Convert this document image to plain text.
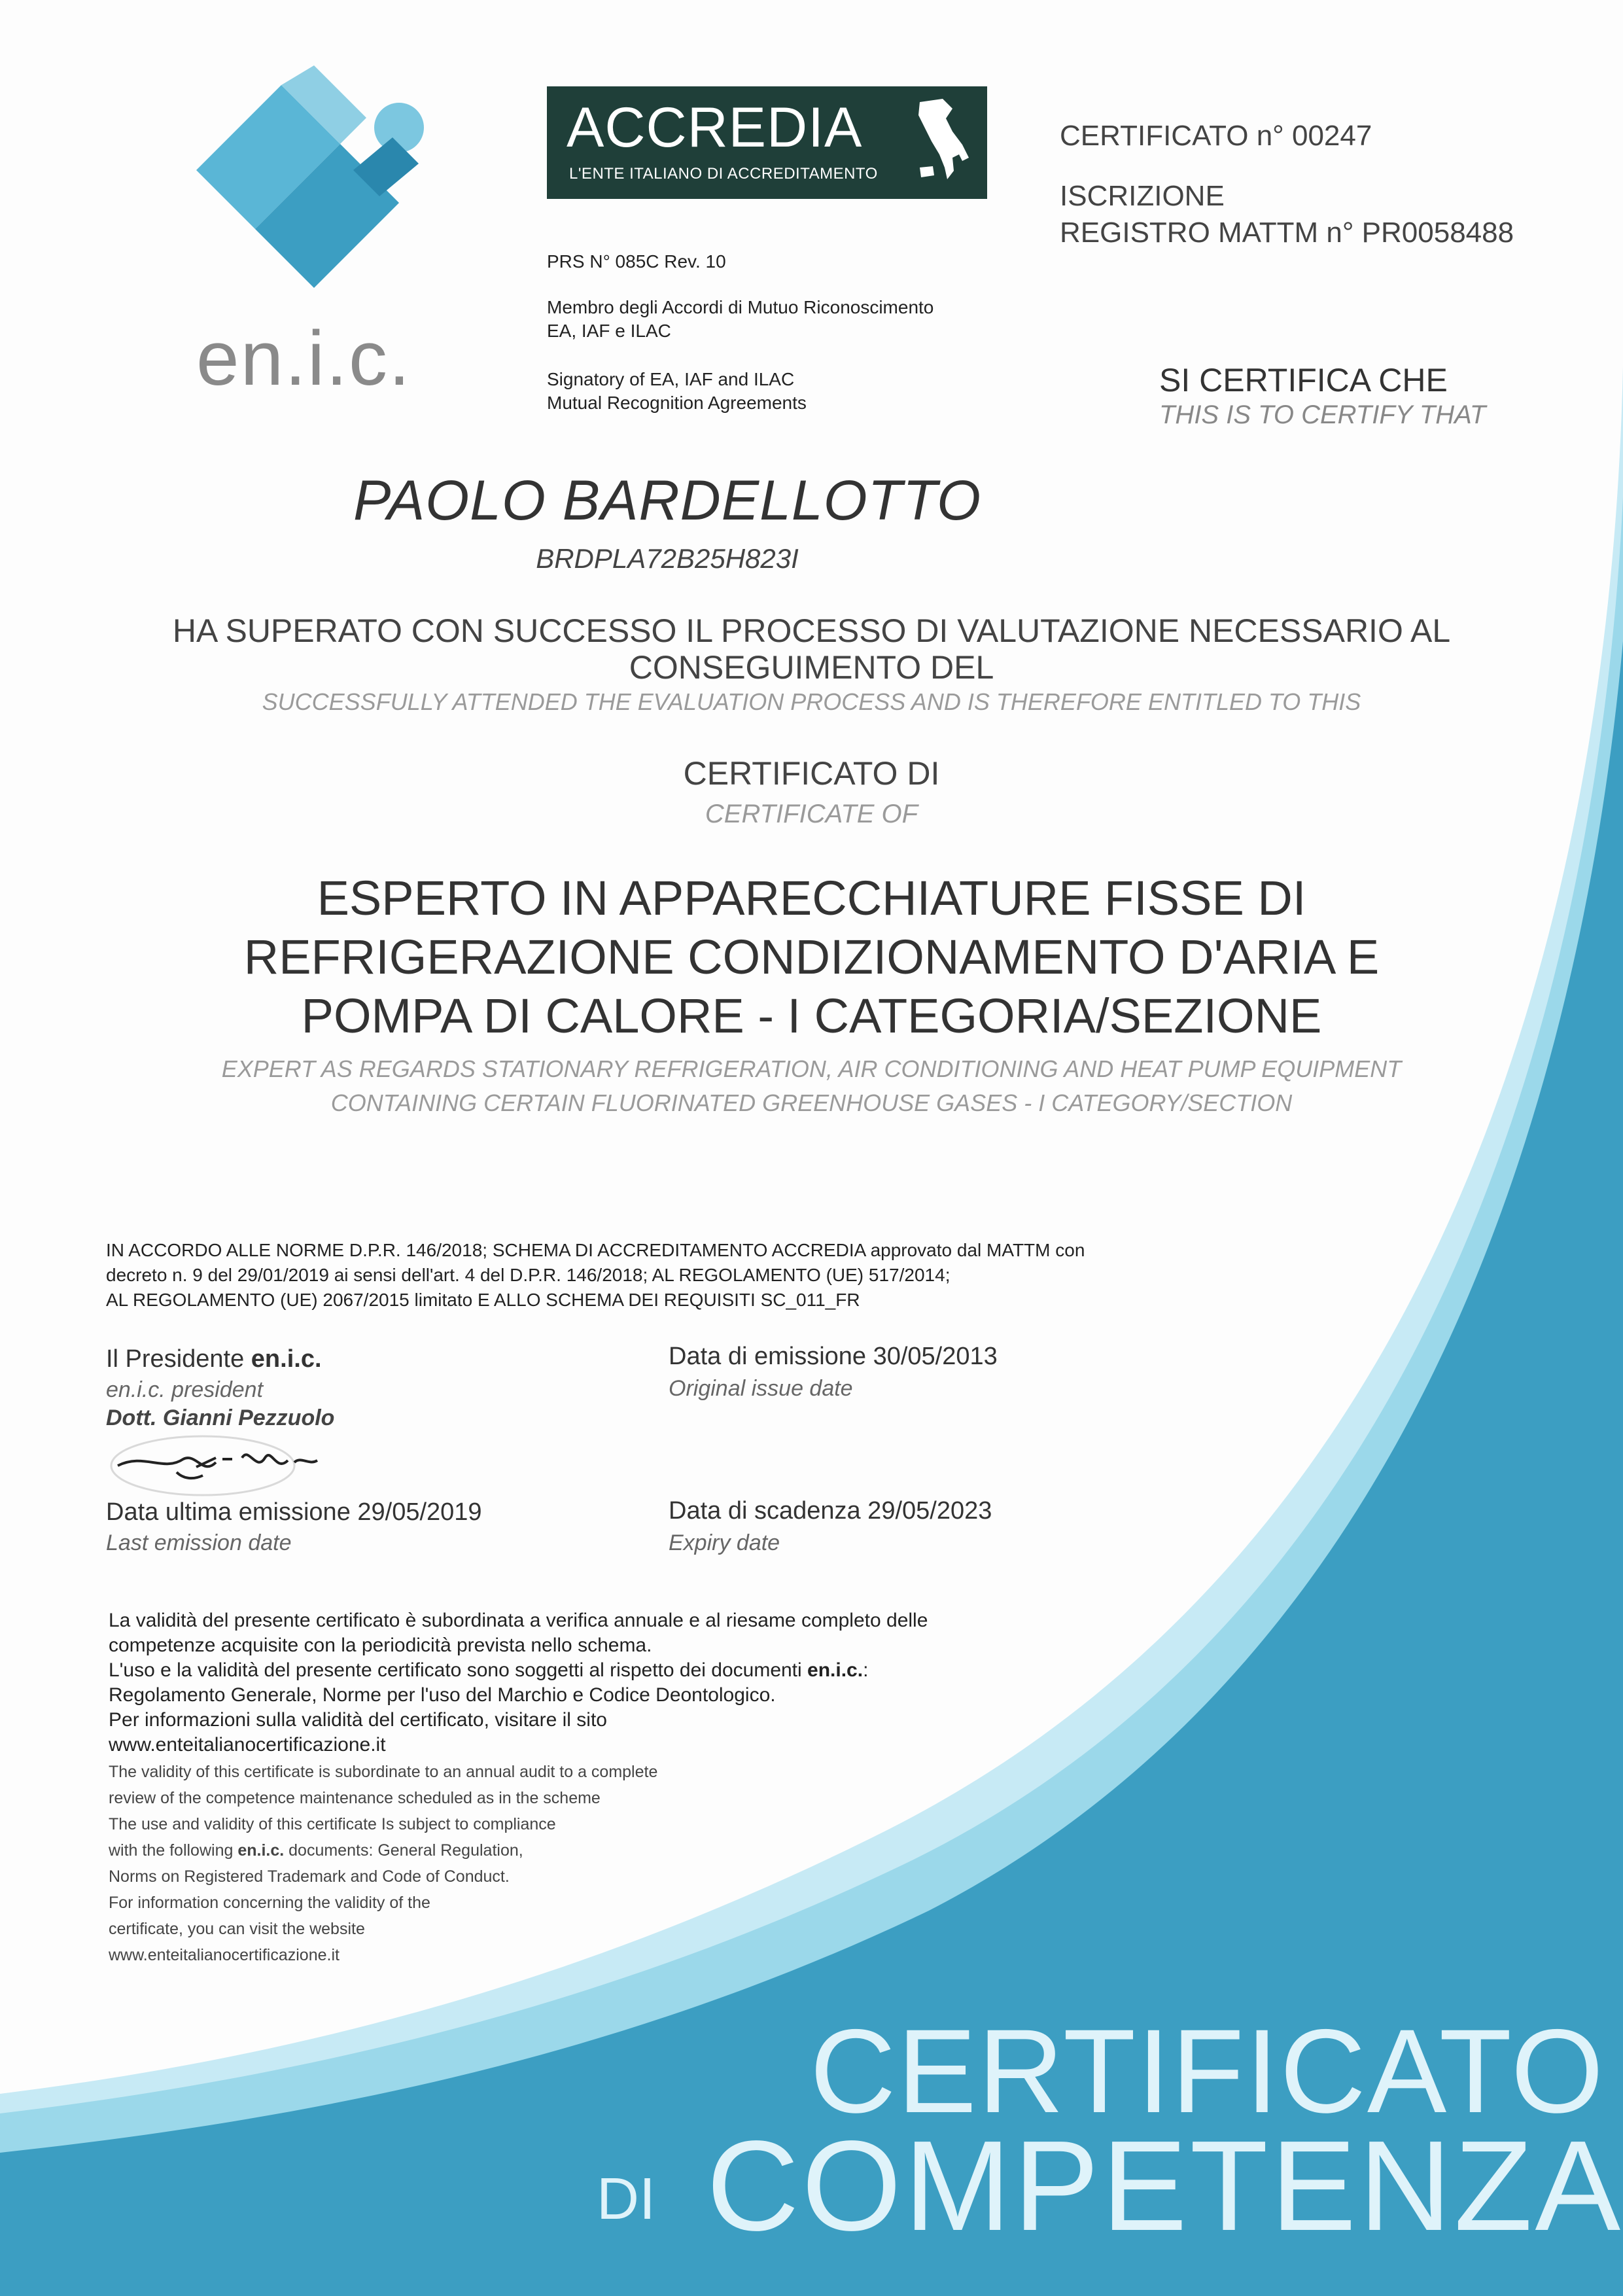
en.i.c.
ACCREDIA
L'ENTE ITALIANO DI ACCREDITAMENTO
PRS N° 085C Rev. 10
Membro degli Accordi di Mutuo Riconoscimento
EA, IAF e ILAC
Signatory of EA, IAF and ILAC
Mutual Recognition Agreements
CERTIFICATO n° 00247
ISCRIZIONE
REGISTRO MATTM n° PR0058488
SI CERTIFICA CHE
THIS IS TO CERTIFY THAT
PAOLO BARDELLOTTO
BRDPLA72B25H823I
HA SUPERATO CON SUCCESSO IL PROCESSO DI VALUTAZIONE NECESSARIO AL
CONSEGUIMENTO DEL
SUCCESSFULLY ATTENDED THE EVALUATION PROCESS AND IS THEREFORE ENTITLED TO THIS
CERTIFICATO DI
CERTIFICATE OF
ESPERTO IN APPARECCHIATURE FISSE DI
REFRIGERAZIONE CONDIZIONAMENTO D'ARIA E
POMPA DI CALORE - I CATEGORIA/SEZIONE
EXPERT AS REGARDS STATIONARY REFRIGERATION, AIR CONDITIONING AND HEAT PUMP EQUIPMENT
CONTAINING CERTAIN FLUORINATED GREENHOUSE GASES - I CATEGORY/SECTION
IN ACCORDO ALLE NORME D.P.R. 146/2018; SCHEMA DI ACCREDITAMENTO ACCREDIA approvato dal MATTM con
decreto n. 9 del 29/01/2019 ai sensi dell'art. 4 del D.P.R. 146/2018; AL REGOLAMENTO (UE) 517/2014;
AL REGOLAMENTO (UE) 2067/2015 limitato E ALLO SCHEMA DEI REQUISITI SC_011_FR
Il Presidente en.i.c.
en.i.c. president
Dott. Gianni Pezzuolo
Data di emissione 30/05/2013
Original issue date
Data ultima emissione 29/05/2019
Last emission date
Data di scadenza 29/05/2023
Expiry date
La validità del presente certificato è subordinata a verifica annuale e al riesame completo delle
competenze acquisite con la periodicità prevista nello schema.
L'uso e la validità del presente certificato sono soggetti al rispetto dei documenti en.i.c.:
Regolamento Generale, Norme per l'uso del Marchio e Codice Deontologico.
Per informazioni sulla validità del certificato, visitare il sito
www.enteitalianocertificazione.it
The validity of this certificate is subordinate to an annual audit to a complete
review of the competence maintenance scheduled as in the scheme
The use and validity of this certificate Is subject to compliance
with the following en.i.c. documents: General Regulation,
Norms on Registered Trademark and Code of Conduct.
For information concerning the validity of the
certificate, you can visit the website
www.enteitalianocertificazione.it
CERTIFICATO
DI COMPETENZA
